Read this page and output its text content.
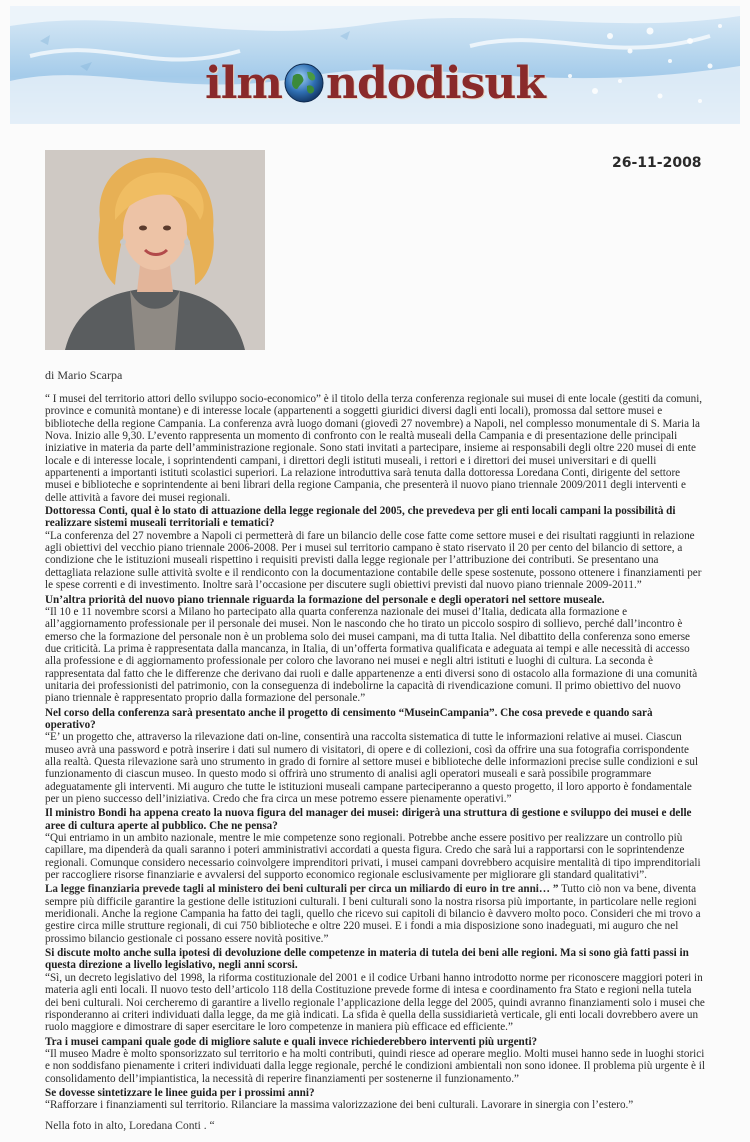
ilm ndodisuk
26-11-2008
di Mario Scarpa

“ I musei del territorio attori dello sviluppo socio-economico” è il titolo della terza conferenza regionale sui musei di ente locale (gestiti da comuni, province e comunità montane) e di interesse locale (appartenenti a soggetti giuridici diversi dagli enti locali), promossa dal settore musei e biblioteche della regione Campania. La conferenza avrà luogo domani (giovedì 27 novembre) a Napoli, nel complesso monumentale di S. Maria la Nova. Inizio alle 9,30. L’evento rappresenta un momento di confronto con le realtà museali della Campania e di presentazione delle principali iniziative in materia da parte dell’amministrazione regionale. Sono stati invitati a partecipare, insieme ai responsabili degli oltre 220 musei di ente locale e di interesse locale, i soprintendenti campani, i direttori degli istituti museali, i rettori e i direttori dei musei universitari e di quelli appartenenti a importanti istituti scolastici superiori. La relazione introduttiva sarà tenuta dalla dottoressa Loredana Conti, dirigente del settore musei e biblioteche e soprintendente ai beni librari della regione Campania, che presenterà il nuovo piano triennale 2009/2011 degli interventi e delle attività a favore dei musei regionali.

Dottoressa Conti, qual è lo stato di attuazione della legge regionale del 2005, che prevedeva per gli enti locali campani la possibilità di realizzare sistemi museali territoriali e tematici?

“La conferenza del 27 novembre a Napoli ci permetterà di fare un bilancio delle cose fatte come settore musei e dei risultati raggiunti in relazione agli obiettivi del vecchio piano triennale 2006-2008. Per i musei sul territorio campano è stato riservato il 20 per cento del bilancio di settore, a condizione che le istituzioni museali rispettino i requisiti previsti dalla legge regionale per l’attribuzione dei contributi. Se presentano una dettagliata relazione sulle attività svolte e il rendiconto con la documentazione contabile delle spese sostenute, possono ottenere i finanziamenti per le spese correnti e di investimento. Inoltre sarà l’occasione per discutere sugli obiettivi previsti dal nuovo piano triennale 2009-2011.”

Un’altra priorità del nuovo piano triennale riguarda la formazione del personale e degli operatori nel settore museale.

“Il 10 e 11 novembre scorsi a Milano ho partecipato alla quarta conferenza nazionale dei musei d’Italia, dedicata alla formazione e all’aggiornamento professionale per il personale dei musei. Non le nascondo che ho tirato un piccolo sospiro di sollievo, perché dall’incontro è emerso che la formazione del personale non è un problema solo dei musei campani, ma di tutta Italia. Nel dibattito della conferenza sono emerse due criticità. La prima è rappresentata dalla mancanza, in Italia, di un’offerta formativa qualificata e adeguata ai tempi e alle necessità di accesso alla professione e di aggiornamento professionale per coloro che lavorano nei musei e negli altri istituti e luoghi di cultura. La seconda è rappresentata dal fatto che le differenze che derivano dai ruoli e dalle appartenenze a enti diversi sono di ostacolo alla formazione di una comunità unitaria dei professionisti del patrimonio, con la conseguenza di indebolirne la capacità di rivendicazione comuni. Il primo obiettivo del nuovo piano triennale è rappresentato proprio dalla formazione del personale.”

Nel corso della conferenza sarà presentato anche il progetto di censimento “MuseinCampania”. Che cosa prevede e quando sarà operativo?

“E’ un progetto che, attraverso la rilevazione dati on-line, consentirà una raccolta sistematica di tutte le informazioni relative ai musei. Ciascun museo avrà una password e potrà inserire i dati sul numero di visitatori, di opere e di collezioni, così da offrire una sua fotografia corrispondente alla realtà. Questa rilevazione sarà uno strumento in grado di fornire al settore musei e biblioteche delle informazioni precise sulle condizioni e sul funzionamento di ciascun museo. In questo modo si offrirà uno strumento di analisi agli operatori museali e sarà possibile programmare adeguatamente gli interventi. Mi auguro che tutte le istituzioni museali campane parteciperanno a questo progetto, il loro apporto è fondamentale per un pieno successo dell’iniziativa. Credo che fra circa un mese potremo essere pienamente operativi.”

Il ministro Bondi ha appena creato la nuova figura del manager dei musei: dirigerà una struttura di gestione e sviluppo dei musei e delle aree di cultura aperte al pubblico. Che ne pensa?

“Qui entriamo in un ambito nazionale, mentre le mie competenze sono regionali. Potrebbe anche essere positivo per realizzare un controllo più capillare, ma dipenderà da quali saranno i poteri amministrativi accordati a questa figura. Credo che sarà lui a rapportarsi con le soprintendenze regionali. Comunque considero necessario coinvolgere imprenditori privati, i musei campani dovrebbero acquisire mentalità di tipo imprenditoriali per raccogliere risorse finanziarie e avvalersi del supporto economico regionale esclusivamente per migliorare gli standard qualitativi”.

La legge finanziaria prevede tagli al ministero dei beni culturali per circa un miliardo di euro in tre anni… ” Tutto ciò non va bene, diventa sempre più difficile garantire la gestione delle istituzioni culturali. I beni culturali sono la nostra risorsa più importante, in particolare nelle regioni meridionali. Anche la regione Campania ha fatto dei tagli, quello che ricevo sui capitoli di bilancio è davvero molto poco. Consideri che mi trovo a gestire circa mille strutture regionali, di cui 750 biblioteche e oltre 220 musei. E i fondi a mia disposizione sono inadeguati, mi auguro che nel prossimo bilancio gestionale ci possano essere novità positive.”

Si discute molto anche sulla ipotesi di devoluzione delle competenze in materia di tutela dei beni alle regioni. Ma si sono già fatti passi in questa direzione a livello legislativo, negli anni scorsi.

“Sì, un decreto legislativo del 1998, la riforma costituzionale del 2001 e il codice Urbani hanno introdotto norme per riconoscere maggiori poteri in materia agli enti locali. Il nuovo testo dell’articolo 118 della Costituzione prevede forme di intesa e coordinamento fra Stato e regioni nella tutela dei beni culturali. Noi cercheremo di garantire a livello regionale l’applicazione della legge del 2005, quindi avranno finanziamenti solo i musei che risponderanno ai criteri individuati dalla legge, da me già indicati. La sfida è quella della sussidiarietà verticale, gli enti locali dovrebbero avere un ruolo maggiore e dimostrare di saper esercitare le loro competenze in maniera più efficace ed efficiente.”

Tra i musei campani quale gode di migliore salute e quali invece richiederebbero interventi più urgenti?

“Il museo Madre è molto sponsorizzato sul territorio e ha molti contributi, quindi riesce ad operare meglio. Molti musei hanno sede in luoghi storici e non soddisfano pienamente i criteri individuati dalla legge regionale, perché le condizioni ambientali non sono idonee. Il problema più urgente è il consolidamento dell’impiantistica, la necessità di reperire finanziamenti per sostenerne il funzionamento.”

Se dovesse sintetizzare le linee guida per i prossimi anni?

“Rafforzare i finanziamenti sul territorio. Rilanciare la massima valorizzazione dei beni culturali. Lavorare in sinergia con l’estero.”

Nella foto in alto, Loredana Conti . “
